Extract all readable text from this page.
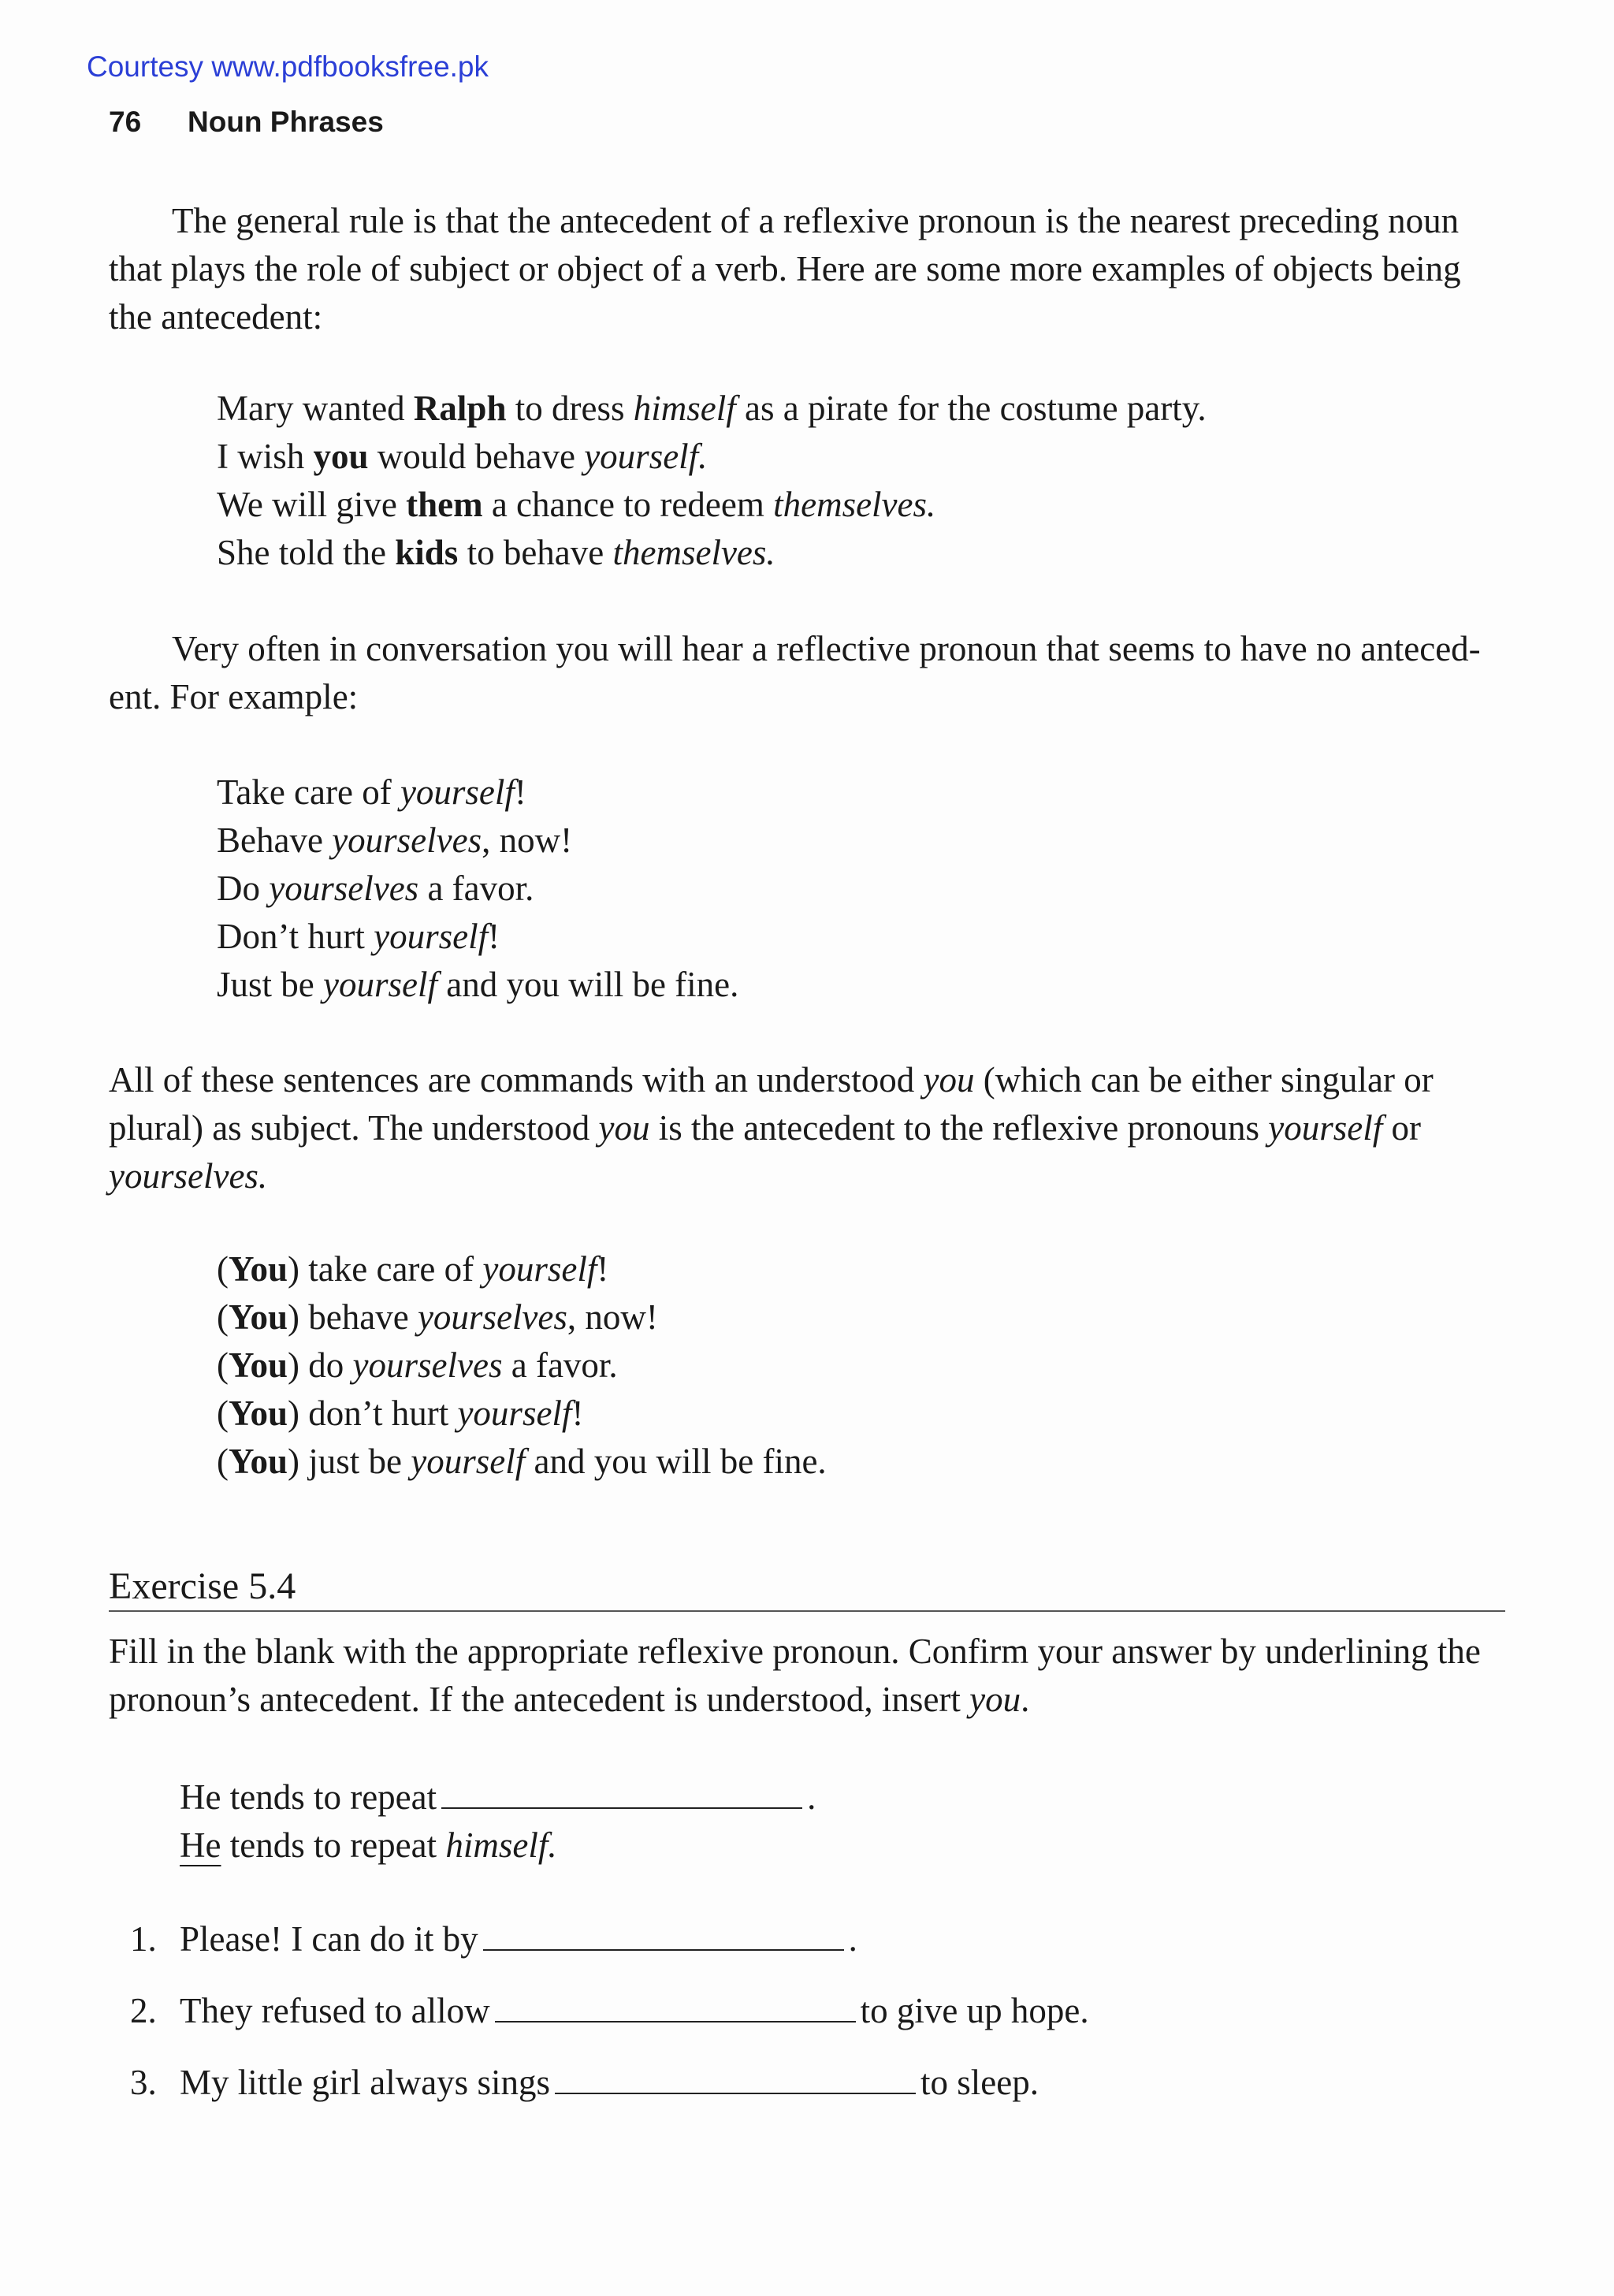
Courtesy www.pdfbooksfree.pk
76 Noun Phrases

The general rule is that the antecedent of a reflexive pronoun is the nearest preceding noun that plays the role of subject or object of a verb. Here are some more examples of objects being the antecedent:

Mary wanted Ralph to dress himself as a pirate for the costume party.
I wish you would behave yourself.
We will give them a chance to redeem themselves.
She told the kids to behave themselves.

Very often in conversation you will hear a reflective pronoun that seems to have no anteced-

ent. For example:

Take care of yourself!
Behave yourselves, now!
Do yourselves a favor.
Don’t hurt yourself!
Just be yourself and you will be fine.

All of these sentences are commands with an understood you (which can be either singular or plural) as subject. The understood you is the antecedent to the reflexive pronouns yourself or yourselves.

(You) take care of yourself!
(You) behave yourselves, now!
(You) do yourselves a favor.
(You) don’t hurt yourself!
(You) just be yourself and you will be fine.
Exercise 5.4

Fill in the blank with the appropriate reflexive pronoun. Confirm your answer by underlining the pronoun’s antecedent. If the antecedent is understood, insert you.

He tends to repeat	.
He tends to repeat himself.
1. Please! I can do it by	.
2. They refused to allow	to give up hope.
3. My little girl always sings	to sleep.
